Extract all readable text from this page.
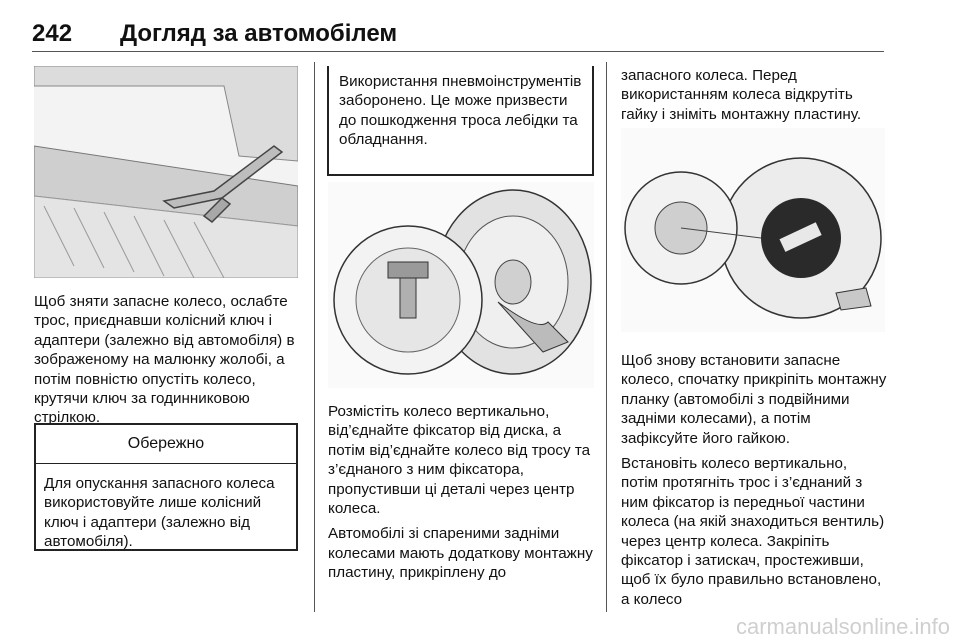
242 Догляд за автомобілем

Щоб зняти запасне колесо, ослабте трос, приєднавши колісний ключ і адаптери (залежно від автомобіля) в зображеному на малюнку жолобі, а потім повністю опустіть колесо, крутячи ключ за годинниковою стрілкою.

Обережно
Для опускання запасного колеса використовуйте лише колісний ключ і адаптери (залежно від автомобіля).
Використання пневмоінструментів заборонено. Це може призвести до пошкодження троса лебідки та обладнання.

Розмістіть колесо вертикально, від’єднайте фіксатор від диска, а потім від’єднайте колесо від тросу та з’єднаного з ним фіксатора, пропустивши ці деталі через центр колеса.

Автомобілі зі спареними задніми колесами мають додаткову монтажну пластину, прикріплену до

запасного колеса. Перед використанням колеса відкрутіть гайку і зніміть монтажну пластину.

Щоб знову встановити запасне колесо, спочатку прикріпіть монтажну планку (автомобілі з подвійними задніми колесами), а потім зафіксуйте його гайкою.

Встановіть колесо вертикально, потім протягніть трос і з’єднаний з ним фіксатор із передньої частини колеса (на якій знаходиться вентиль) через центр колеса. Закріпіть фіксатор і затискач, простеживши, щоб їх було правильно встановлено, а колесо

carmanualsonline.info
